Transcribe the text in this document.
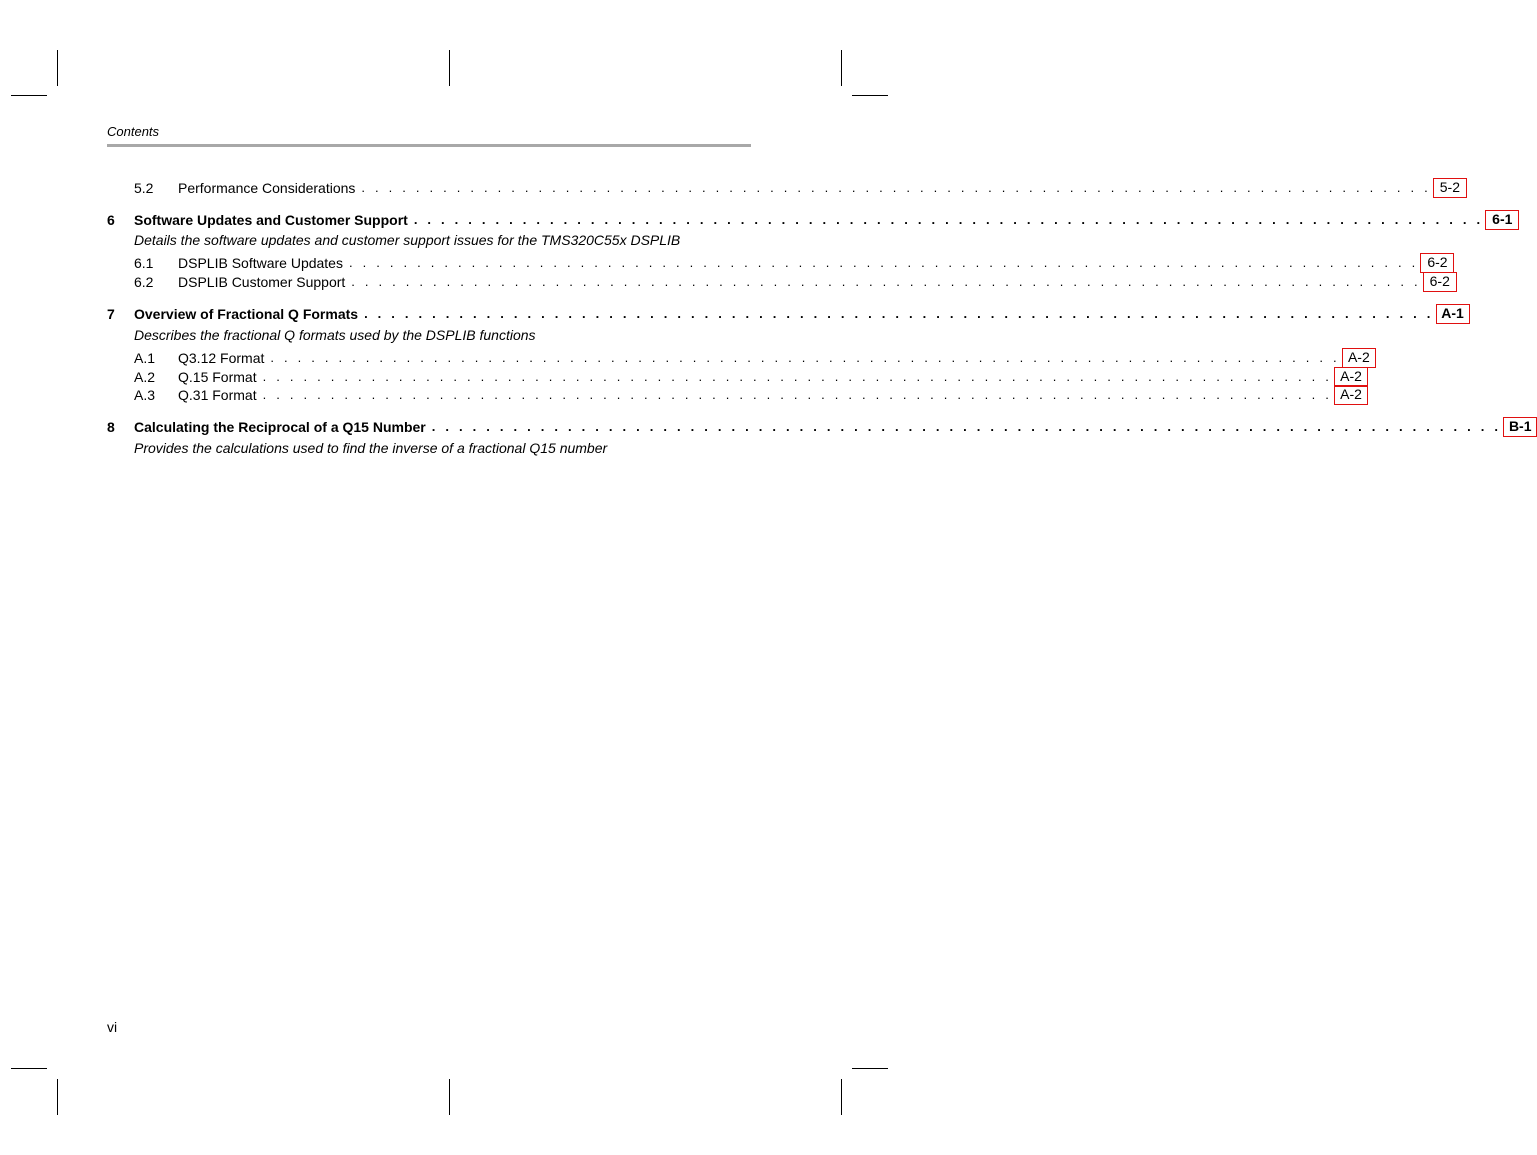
Contents
5.2	Performance Considerations . . . . . . . . . . . . . . . . . . . . . . . . . . . . . . . . . . . . . . . . . . . . . . . . . . . . . . . . . . . . . . . . . . . . . . . . . . . . . . . 5-2
6	Software Updates and Customer Support . . . . . . . . . . . . . . . . . . . . . . . . . . . . . . . . . . . . . . . . . . . . . . . . . . . . . . . . . . . . . . . . . . . . . . . . . . . . . . . 6-1
Details the software updates and customer support issues for the TMS320C55x DSPLIB
6.1	DSPLIB Software Updates . . . . . . . . . . . . . . . . . . . . . . . . . . . . . . . . . . . . . . . . . . . . . . . . . . . . . . . . . . . . . . . . . . . . . . . . . . . . . . . 6-2
6.2	DSPLIB Customer Support . . . . . . . . . . . . . . . . . . . . . . . . . . . . . . . . . . . . . . . . . . . . . . . . . . . . . . . . . . . . . . . . . . . . . . . . . . . . . . . 6-2
7	Overview of Fractional Q Formats . . . . . . . . . . . . . . . . . . . . . . . . . . . . . . . . . . . . . . . . . . . . . . . . . . . . . . . . . . . . . . . . . . . . . . . . . . . . . . . A-1
Describes the fractional Q formats used by the DSPLIB functions
A.1	Q3.12 Format . . . . . . . . . . . . . . . . . . . . . . . . . . . . . . . . . . . . . . . . . . . . . . . . . . . . . . . . . . . . . . . . . . . . . . . . . . . . . . . A-2
A.2	Q.15 Format . . . . . . . . . . . . . . . . . . . . . . . . . . . . . . . . . . . . . . . . . . . . . . . . . . . . . . . . . . . . . . . . . . . . . . . . . . . . . . . A-2
A.3	Q.31 Format . . . . . . . . . . . . . . . . . . . . . . . . . . . . . . . . . . . . . . . . . . . . . . . . . . . . . . . . . . . . . . . . . . . . . . . . . . . . . . . A-2
8	Calculating the Reciprocal of a Q15 Number . . . . . . . . . . . . . . . . . . . . . . . . . . . . . . . . . . . . . . . . . . . . . . . . . . . . . . . . . . . . . . . . . . . . . . . . . . . . . . . B-1
Provides the calculations used to find the inverse of a fractional Q15 number
vi
